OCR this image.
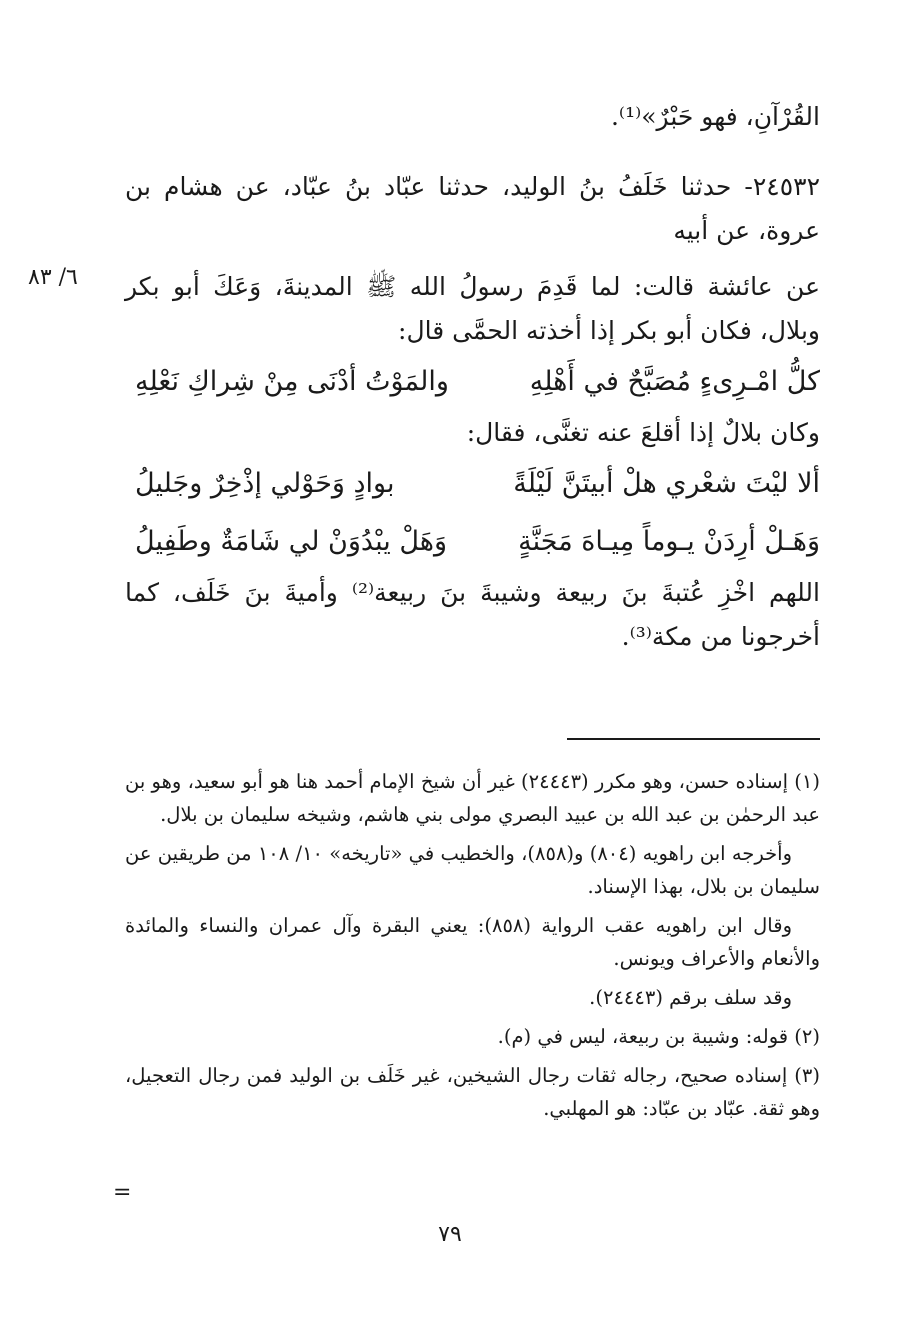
القُرْآنِ، فهو حَبْرٌ»⁽¹⁾.

٢٤٥٣٢- حدثنا خَلَفُ بنُ الوليد، حدثنا عبّاد بنُ عبّاد، عن هشام بن عروة، عن أبيه

عن عائشة قالت: لما قَدِمَ رسولُ الله ﷺ المدينةَ، وَعَكَ أبو بكر وبلال، فكان أبو بكر إذا أخذته الحمَّى قال:

كلُّ امْـرِىءٍ مُصَبَّحٌ في أَهْلِهِ
والمَوْتُ أدْنَى مِنْ شِراكِ نَعْلِهِ

وكان بلالٌ إذا أقلعَ عنه تغنَّى، فقال:

ألا ليْتَ شعْري هلْ أبيتَنَّ لَيْلَةً
بوادٍ وَحَوْلي إذْخِرٌ وجَليلُ
وَهَـلْ أرِدَنْ يـوماً مِيـاهَ مَجَنَّةٍ
وَهَلْ يبْدُوَنْ لي شَامَةٌ وطَفِيلُ

اللهم اخْزِ عُتبةَ بنَ ربيعة وشيبةَ بنَ ربيعة⁽²⁾ وأميةَ بنَ خَلَف، كما أخرجونا من مكة⁽³⁾.

٦/ ٨٣

(١) إسناده حسن، وهو مكرر (٢٤٤٤٣) غير أن شيخ الإمام أحمد هنا هو أبو سعيد، وهو بن عبد الرحمٰن بن عبد الله بن عبيد البصري مولى بني هاشم، وشيخه سليمان بن بلال.

وأخرجه ابن راهويه (٨٠٤) و(٨٥٨)، والخطيب في «تاريخه» ١٠/ ١٠٨ من طريقين عن سليمان بن بلال، بهذا الإسناد.

وقال ابن راهويه عقب الرواية (٨٥٨): يعني البقرة وآل عمران والنساء والمائدة والأنعام والأعراف ويونس.

وقد سلف برقم (٢٤٤٤٣).

(٢) قوله: وشيبة بن ربيعة، ليس في (م).

(٣) إسناده صحيح، رجاله ثقات رجال الشيخين، غير خَلَف بن الوليد فمن رجال التعجيل، وهو ثقة. عبّاد بن عبّاد: هو المهلبي.

=
٧٩
